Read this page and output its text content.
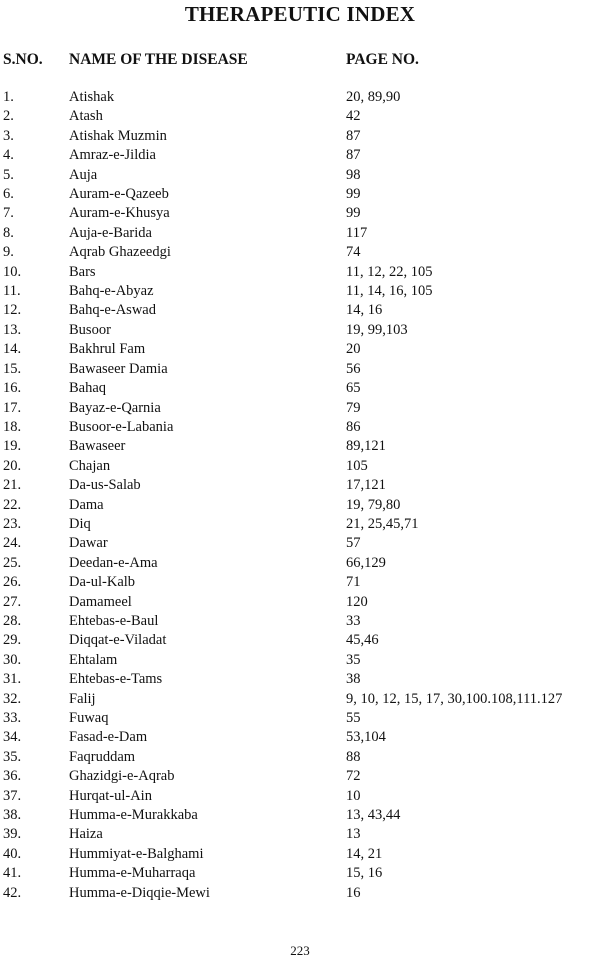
THERAPEUTIC INDEX
S.NO. NAME OF THE DISEASE	PAGE NO.
1.	Atishak	20, 89,90
2.	Atash	42
3.	Atishak Muzmin	87
4.	Amraz-e-Jildia	87
5.	Auja	98
6.	Auram-e-Qazeeb	99
7.	Auram-e-Khusya	99
8.	Auja-e-Barida	117
9.	Aqrab Ghazeedgi	74
10.	Bars	11, 12, 22, 105
11.	Bahq-e-Abyaz	11, 14, 16, 105
12.	Bahq-e-Aswad	14, 16
13.	Busoor	19, 99,103
14.	Bakhrul Fam	20
15.	Bawaseer Damia	56
16.	Bahaq	65
17.	Bayaz-e-Qarnia	79
18.	Busoor-e-Labania	86
19.	Bawaseer	89,121
20.	Chajan	105
21.	Da-us-Salab	17,121
22.	Dama	19, 79,80
23.	Diq	21, 25,45,71
24.	Dawar	57
25.	Deedan-e-Ama	66,129
26.	Da-ul-Kalb	71
27.	Damameel	120
28.	Ehtebas-e-Baul	33
29.	Diqqat-e-Viladat	45,46
30.	Ehtalam	35
31.	Ehtebas-e-Tams	38
32.	Falij	9, 10, 12, 15, 17, 30,100.108,111.127
33.	Fuwaq	55
34.	Fasad-e-Dam	53,104
35.	Faqruddam	88
36.	Ghazidgi-e-Aqrab	72
37.	Hurqat-ul-Ain	10
38.	Humma-e-Murakkaba	13, 43,44
39.	Haiza	13
40.	Hummiyat-e-Balghami	14, 21
41.	Humma-e-Muharraqa	15, 16
42.	Humma-e-Diqqie-Mewi	16
223
